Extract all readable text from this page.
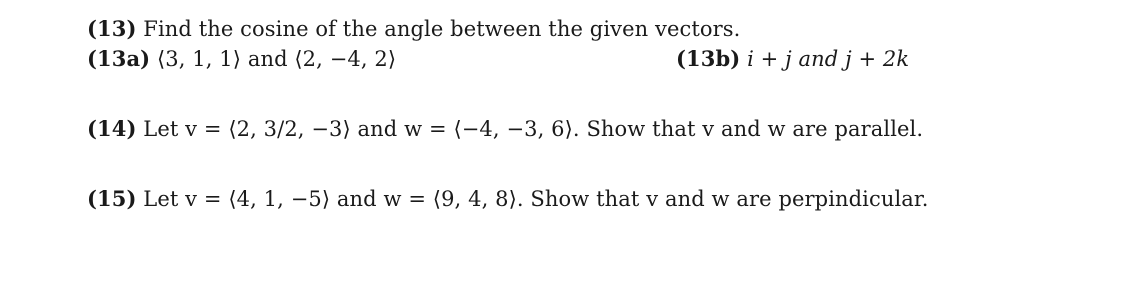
(13) Find the cosine of the angle between the given vectors.
(13a) ⟨3, 1, 1⟩ and ⟨2, −4, 2⟩	(13b) i + j and j + 2k
(14) Let v = ⟨2, 3/2, −3⟩ and w = ⟨−4, −3, 6⟩. Show that v and w are parallel.
(15) Let v = ⟨4, 1, −5⟩ and w = ⟨9, 4, 8⟩. Show that v and w are perpindicular.
